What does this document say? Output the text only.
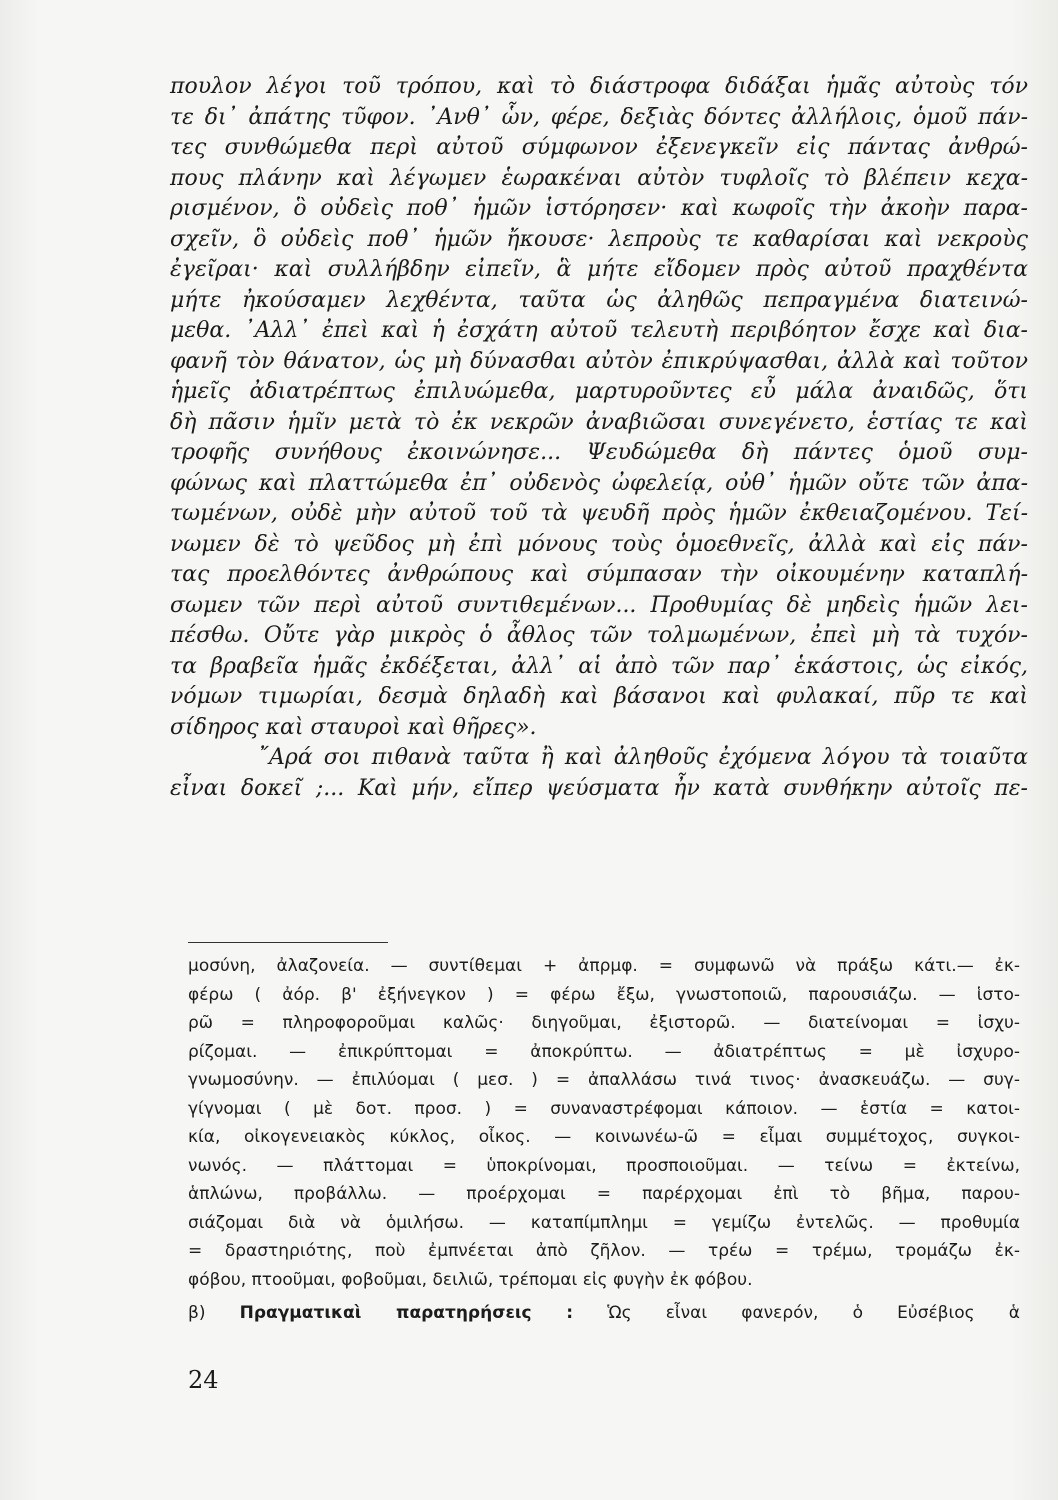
πουλον λέγοι τοῦ τρόπου, καὶ τὸ διάστροφα διδάξαι ἡμᾶς αὐτοὺς τόν
τε δι᾽ ἀπάτης τῦφον. ᾿Ανθ᾽ ὧν, φέρε, δεξιὰς δόντες ἀλλήλοις, ὁμοῦ πάν-
τες συνθώμεθα περὶ αὐτοῦ σύμφωνον ἐξενεγκεῖν εἰς πάντας ἀνθρώ-
πους πλάνην καὶ λέγωμεν ἑωρακέναι αὐτὸν τυφλοῖς τὸ βλέπειν κεχα-
ρισμένον, ὃ οὐδεὶς ποθ᾽ ἡμῶν ἱστόρησεν· καὶ κωφοῖς τὴν ἀκοὴν παρα-
σχεῖν, ὃ οὐδεὶς ποθ᾽ ἡμῶν ἤκουσε· λεπροὺς τε καθαρίσαι καὶ νεκροὺς
ἐγεῖραι· καὶ συλλήβδην εἰπεῖν, ἃ μήτε εἴδομεν πρὸς αὐτοῦ πραχθέντα
μήτε ἠκούσαμεν λεχθέντα, ταῦτα ὡς ἀληθῶς πεπραγμένα διατεινώ-
μεθα. ᾿Αλλ᾽ ἐπεὶ καὶ ἡ ἐσχάτη αὐτοῦ τελευτὴ περιβόητον ἔσχε καὶ δια-
φανῆ τὸν θάνατον, ὡς μὴ δύνασθαι αὐτὸν ἐπικρύψασθαι, ἀλλὰ καὶ τοῦτον
ἡμεῖς ἀδιατρέπτως ἐπιλυώμεθα, μαρτυροῦντες εὖ μάλα ἀναιδῶς, ὅτι
δὴ πᾶσιν ἡμῖν μετὰ τὸ ἐκ νεκρῶν ἀναβιῶσαι συνεγένετο, ἑστίας τε καὶ
τροφῆς συνήθους ἐκοινώνησε... Ψευδώμεθα δὴ πάντες ὁμοῦ συμ-
φώνως καὶ πλαττώμεθα ἐπ᾽ οὐδενὸς ὠφελείᾳ, οὐθ᾽ ἡμῶν οὔτε τῶν ἀπα-
τωμένων, οὐδὲ μὴν αὐτοῦ τοῦ τὰ ψευδῆ πρὸς ἡμῶν ἐκθειαζομένου. Τεί-
νωμεν δὲ τὸ ψεῦδος μὴ ἐπὶ μόνους τοὺς ὁμοεθνεῖς, ἀλλὰ καὶ εἰς πάν-
τας προελθόντες ἀνθρώπους καὶ σύμπασαν τὴν οἰκουμένην καταπλή-
σωμεν τῶν περὶ αὐτοῦ συντιθεμένων... Προθυμίας δὲ μηδεὶς ἡμῶν λει-
πέσθω. Οὔτε γὰρ μικρὸς ὁ ἆθλος τῶν τολμωμένων, ἐπεὶ μὴ τὰ τυχόν-
τα βραβεῖα ἡμᾶς ἐκδέξεται, ἀλλ᾽ αἱ ἀπὸ τῶν παρ᾽ ἑκάστοις, ὡς εἰκός,
νόμων τιμωρίαι, δεσμὰ δηλαδὴ καὶ βάσανοι καὶ φυλακαί, πῦρ τε καὶ
σίδηρος καὶ σταυροὶ καὶ θῆρες».
῎Αρά σοι πιθανὰ ταῦτα ἢ καὶ ἀληθοῦς ἐχόμενα λόγου τὰ τοιαῦτα
εἶναι δοκεῖ ;... Καὶ μήν, εἴπερ ψεύσματα ἦν κατὰ συνθήκην αὐτοῖς πε-
μοσύνη, ἀλαζονεία. — συντίθεμαι + ἀπρμφ. = συμφωνῶ νὰ πράξω κάτι.— ἐκ-
φέρω ( ἀόρ. β' ἐξήνεγκον ) = φέρω ἔξω, γνωστοποιῶ, παρουσιάζω. — ἱστο-
ρῶ = πληροφοροῦμαι καλῶς· διηγοῦμαι, ἐξιστορῶ. — διατείνομαι = ἰσχυ-
ρίζομαι. — ἐπικρύπτομαι = ἀποκρύπτω. — ἀδιατρέπτως = μὲ ἰσχυρο-
γνωμοσύνην. — ἐπιλύομαι ( μεσ. ) = ἀπαλλάσω τινά τινος· ἀνασκευάζω. — συγ-
γίγνομαι ( μὲ δοτ. προσ. ) = συναναστρέφομαι κάποιον. — ἑστία = κατοι-
κία, οἰκογενειακὸς κύκλος, οἶκος. — κοινωνέω-ῶ = εἶμαι συμμέτοχος, συγκοι-
νωνός. — πλάττομαι = ὑποκρίνομαι, προσποιοῦμαι. — τείνω = ἐκτείνω,
ἁπλώνω, προβάλλω. — προέρχομαι = παρέρχομαι ἐπὶ τὸ βῆμα, παρου-
σιάζομαι διὰ νὰ ὁμιλήσω. — καταπίμπλημι = γεμίζω ἐντελῶς. — προθυμία
= δραστηριότης, ποὺ ἐμπνέεται ἀπὸ ζῆλον. — τρέω = τρέμω, τρομάζω ἐκ-
φόβου, πτοοῦμαι, φοβοῦμαι, δειλιῶ, τρέπομαι εἰς φυγὴν ἐκ φόβου.
β) Πραγματικαὶ παρατηρήσεις : Ὡς εἶναι φανερόν, ὁ Εὐσέβιος ἁ
24
